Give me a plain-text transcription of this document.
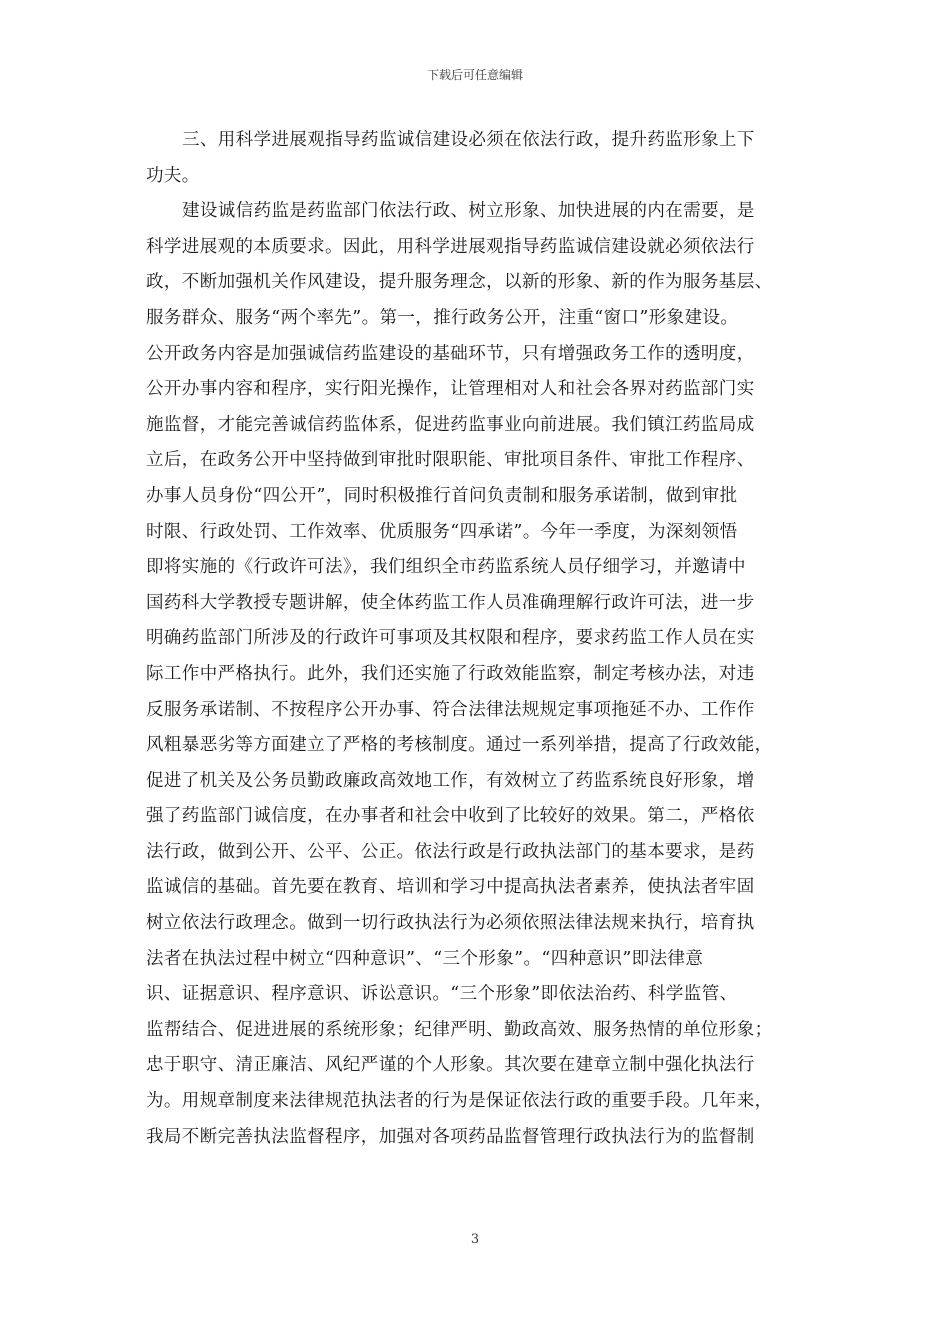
下载后可任意编辑
三、用科学进展观指导药监诚信建设必须在依法行政，提升药监形象上下
功夫。
建设诚信药监是药监部门依法行政、树立形象、加快进展的内在需要，是
科学进展观的本质要求。因此，用科学进展观指导药监诚信建设就必须依法行
政，不断加强机关作风建设，提升服务理念，以新的形象、新的作为服务基层、
服务群众、服务“两个率先”。第一，推行政务公开，注重“窗口”形象建设。
公开政务内容是加强诚信药监建设的基础环节，只有增强政务工作的透明度，
公开办事内容和程序，实行阳光操作，让管理相对人和社会各界对药监部门实
施监督，才能完善诚信药监体系，促进药监事业向前进展。我们镇江药监局成
立后，在政务公开中坚持做到审批时限职能、审批项目条件、审批工作程序、
办事人员身份“四公开”，同时积极推行首问负责制和服务承诺制，做到审批
时限、行政处罚、工作效率、优质服务“四承诺”。今年一季度，为深刻领悟
即将实施的《行政许可法》，我们组织全市药监系统人员仔细学习，并邀请中
国药科大学教授专题讲解，使全体药监工作人员准确理解行政许可法，进一步
明确药监部门所涉及的行政许可事项及其权限和程序，要求药监工作人员在实
际工作中严格执行。此外，我们还实施了行政效能监察，制定考核办法，对违
反服务承诺制、不按程序公开办事、符合法律法规规定事项拖延不办、工作作
风粗暴恶劣等方面建立了严格的考核制度。通过一系列举措，提高了行政效能，
促进了机关及公务员勤政廉政高效地工作，有效树立了药监系统良好形象，增
强了药监部门诚信度，在办事者和社会中收到了比较好的效果。第二，严格依
法行政，做到公开、公平、公正。依法行政是行政执法部门的基本要求，是药
监诚信的基础。首先要在教育、培训和学习中提高执法者素养，使执法者牢固
树立依法行政理念。做到一切行政执法行为必须依照法律法规来执行，培育执
法者在执法过程中树立“四种意识”、“三个形象”。“四种意识”即法律意
识、证据意识、程序意识、诉讼意识。“三个形象”即依法治药、科学监管、
监帮结合、促进进展的系统形象；纪律严明、勤政高效、服务热情的单位形象；
忠于职守、清正廉洁、风纪严谨的个人形象。其次要在建章立制中强化执法行
为。用规章制度来法律规范执法者的行为是保证依法行政的重要手段。几年来，
我局不断完善执法监督程序，加强对各项药品监督管理行政执法行为的监督制
3
